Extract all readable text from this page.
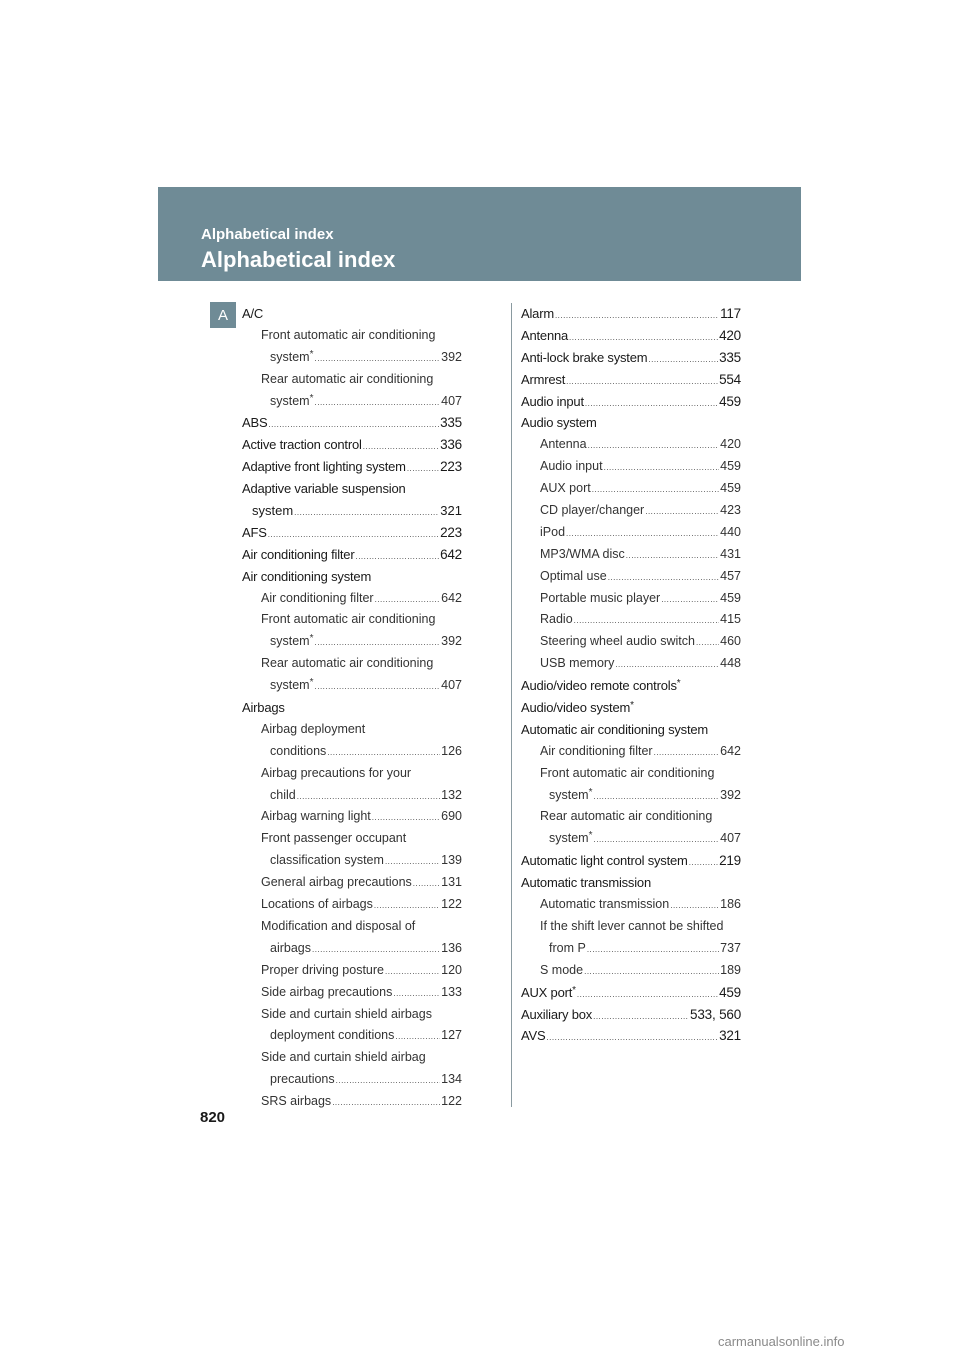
Alphabetical index
Alphabetical index
A	A/C
Front automatic air conditioning
system* .....	392
Rear automatic air conditioning
system* .....	407
ABS .....	335
Active traction control .....	336
Adaptive front lighting system .....	223
Adaptive variable suspension
system .....	321
AFS .....	223
Air conditioning filter .....	642
Air conditioning system
Air conditioning filter .....	642
Front automatic air conditioning
system* .....	392
Rear automatic air conditioning
system* .....	407
Airbags
Airbag deployment
conditions .....	126
Airbag precautions for your
child .....	132
Airbag warning light .....	690
Front passenger occupant
classification system .....	139
General airbag precautions ..... 131
Locations of airbags .....	122
Modification and disposal of
airbags .....	136
Proper driving posture .....	120
Side airbag precautions .....	133
Side and curtain shield airbags
deployment conditions .....	127
Side and curtain shield airbag
precautions .....	134
SRS airbags .....	122
Alarm .....	117
Antenna .....	420
Anti-lock brake system .....	335
Armrest .....	554
Audio input .....	459
Audio system
Antenna .....	420
Audio input .....	459
AUX port .....	459
CD player/changer .....	423
iPod .....	440
MP3/WMA disc .....	431
Optimal use .....	457
Portable music player .....	459
Radio .....	415
Steering wheel audio switch ..... 460
USB memory .....	448
Audio/video remote controls*
Audio/video system*
Automatic air conditioning system
Air conditioning filter .....	642
Front automatic air conditioning
system* .....	392
Rear automatic air conditioning
system* .....	407
Automatic light control system ..... 219
Automatic transmission
Automatic transmission .....	186
If the shift lever cannot be shifted
from P .....	737
S mode .....	189
AUX port* .....	459
Auxiliary box .....	533, 560
AVS .....	321
820
carmanualsonline.info
